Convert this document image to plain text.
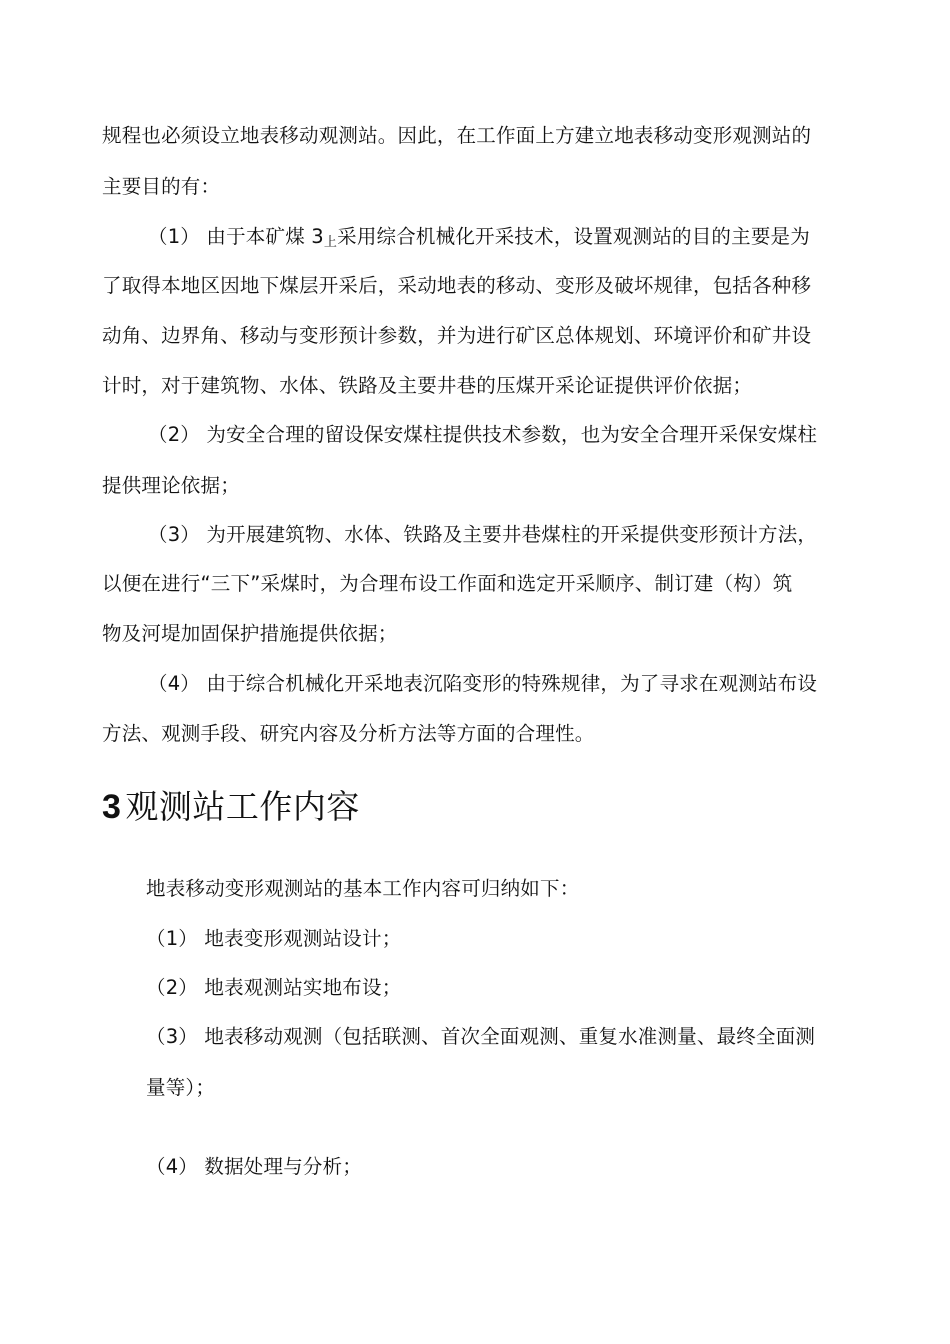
规程也必须设立地表移动观测站。因此，在工作面上方建立地表移动变形观测站的
主要目的有：
（1） 由于本矿煤 3上采用综合机械化开采技术，设置观测站的目的主要是为
了取得本地区因地下煤层开采后，采动地表的移动、变形及破坏规律，包括各种移
动角、边界角、移动与变形预计参数，并为进行矿区总体规划、环境评价和矿井设
计时，对于建筑物、水体、铁路及主要井巷的压煤开采论证提供评价依据；
（2） 为安全合理的留设保安煤柱提供技术参数，也为安全合理开采保安煤柱
提供理论依据；
（3） 为开展建筑物、水体、铁路及主要井巷煤柱的开采提供变形预计方法，
以便在进行“三下”采煤时，为合理布设工作面和选定开采顺序、制订建（构）筑
物及河堤加固保护措施提供依据；
（4） 由于综合机械化开采地表沉陷变形的特殊规律，为了寻求在观测站布设
方法、观测手段、研究内容及分析方法等方面的合理性。
3 观测站工作内容
地表移动变形观测站的基本工作内容可归纳如下：
（1） 地表变形观测站设计；
（2） 地表观测站实地布设；
（3） 地表移动观测（包括联测、首次全面观测、重复水准测量、最终全面测
量等）；
（4） 数据处理与分析；
